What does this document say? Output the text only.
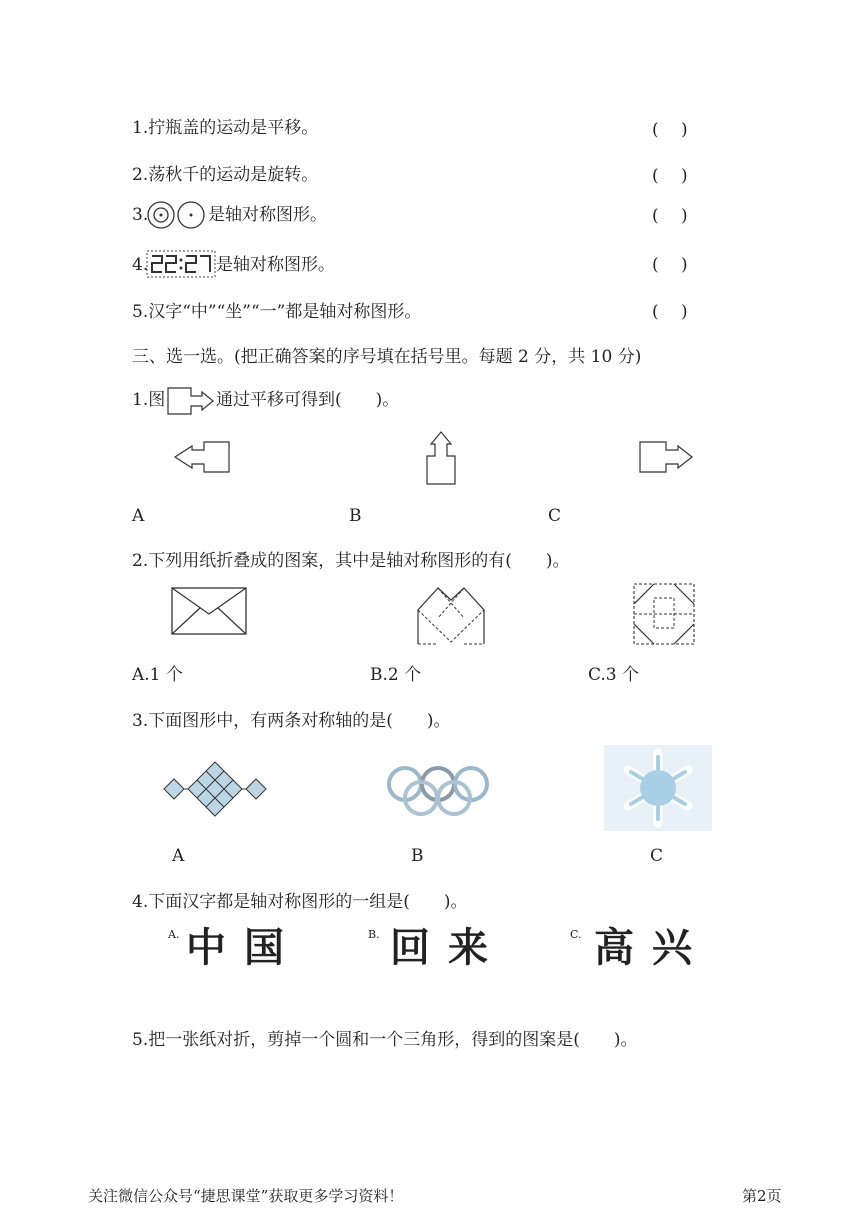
1.拧瓶盖的运动是平移。	(　 )
2.荡秋千的运动是旋转。	(　 )
3.	是轴对称图形。	(　 )
4.	是轴对称图形。	(　 )
5.汉字“中”“坐”“一”都是轴对称图形。	(　 )
三、选一选。(把正确答案的序号填在括号里。每题 2 分，共 10 分)
1.图	通过平移可得到(　　)。
A	B	C
2.下列用纸折叠成的图案，其中是轴对称图形的有(　　)。
A.1 个	B.2 个	C.3 个
3.下面图形中，有两条对称轴的是(　　)。
A	B	C
4.下面汉字都是轴对称图形的一组是(　　)。
A. 中国	B. 回来	C. 高兴
5.把一张纸对折，剪掉一个圆和一个三角形，得到的图案是(　　)。
关注微信公众号“捷思课堂”获取更多学习资料！	第2页
